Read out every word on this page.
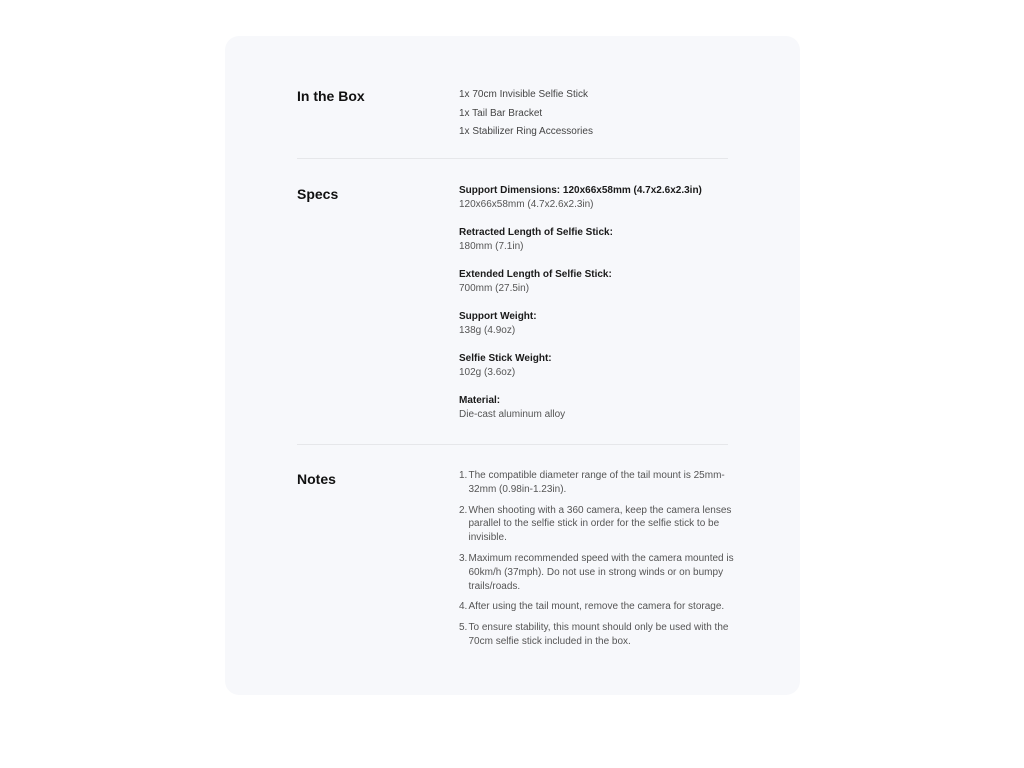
In the Box	1x 70cm Invisible Selfie Stick
1x Tail Bar Bracket
1x Stabilizer Ring Accessories
Specs	Support Dimensions: 120x66x58mm (4.7x2.6x2.3in)
120x66x58mm (4.7x2.6x2.3in)
Retracted Length of Selfie Stick:
180mm (7.1in)
Extended Length of Selfie Stick:
700mm (27.5in)
Support Weight:
138g (4.9oz)
Selfie Stick Weight:
102g (3.6oz)
Material:
Die-cast aluminum alloy
Notes	1. The compatible diameter range of the tail mount is 25mm-32mm (0.98in-1.23in).
2. When shooting with a 360 camera, keep the camera lenses parallel to the selfie stick in order for the selfie stick to be invisible.
3. Maximum recommended speed with the camera mounted is 60km/h (37mph). Do not use in strong winds or on bumpy trails/roads.
4. After using the tail mount, remove the camera for storage.
5. To ensure stability, this mount should only be used with the 70cm selfie stick included in the box.
